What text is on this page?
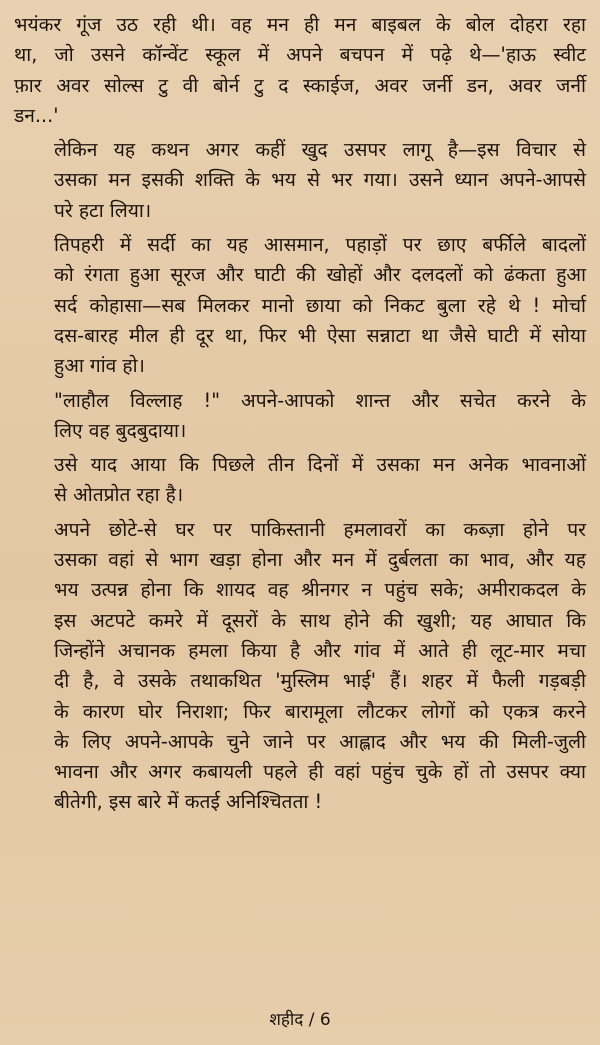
भयंकर गूंज उठ रही थी। वह मन ही मन बाइबल के बोल दोहरा रहा
था, जो उसने कॉन्वेंट स्कूल में अपने बचपन में पढ़े थे—'हाऊ स्वीट
फ़ार अवर सोल्स टु वी बोर्न टु द स्काईज, अवर जर्नी डन, अवर जर्नी
डन...'

लेकिन यह कथन अगर कहीं खुद उसपर लागू है—इस विचार से
उसका मन इसकी शक्ति के भय से भर गया। उसने ध्यान अपने-आपसे
परे हटा लिया।

तिपहरी में सर्दी का यह आसमान, पहाड़ों पर छाए बर्फीले बादलों
को रंगता हुआ सूरज और घाटी की खोहों और दलदलों को ढंकता हुआ
सर्द कोहासा—सब मिलकर मानो छाया को निकट बुला रहे थे ! मोर्चा
दस-बारह मील ही दूर था, फिर भी ऐसा सन्नाटा था जैसे घाटी में सोया
हुआ गांव हो।

"लाहौल विल्लाह !" अपने-आपको शान्त और सचेत करने के
लिए वह बुदबुदाया।

उसे याद आया कि पिछले तीन दिनों में उसका मन अनेक भावनाओं
से ओतप्रोत रहा है।

अपने छोटे-से घर पर पाकिस्तानी हमलावरों का कब्ज़ा होने पर
उसका वहां से भाग खड़ा होना और मन में दुर्बलता का भाव, और यह
भय उत्पन्न होना कि शायद वह श्रीनगर न पहुंच सके; अमीराकदल के
इस अटपटे कमरे में दूसरों के साथ होने की खुशी; यह आघात कि
जिन्होंने अचानक हमला किया है और गांव में आते ही लूट-मार मचा
दी है, वे उसके तथाकथित 'मुस्लिम भाई' हैं। शहर में फैली गड़बड़ी
के कारण घोर निराशा; फिर बारामूला लौटकर लोगों को एकत्र करने
के लिए अपने-आपके चुने जाने पर आह्लाद और भय की मिली-जुली
भावना और अगर कबायली पहले ही वहां पहुंच चुके हों तो उसपर क्या
बीतेगी, इस बारे में कतई अनिश्चितता !

शहीद / 6
